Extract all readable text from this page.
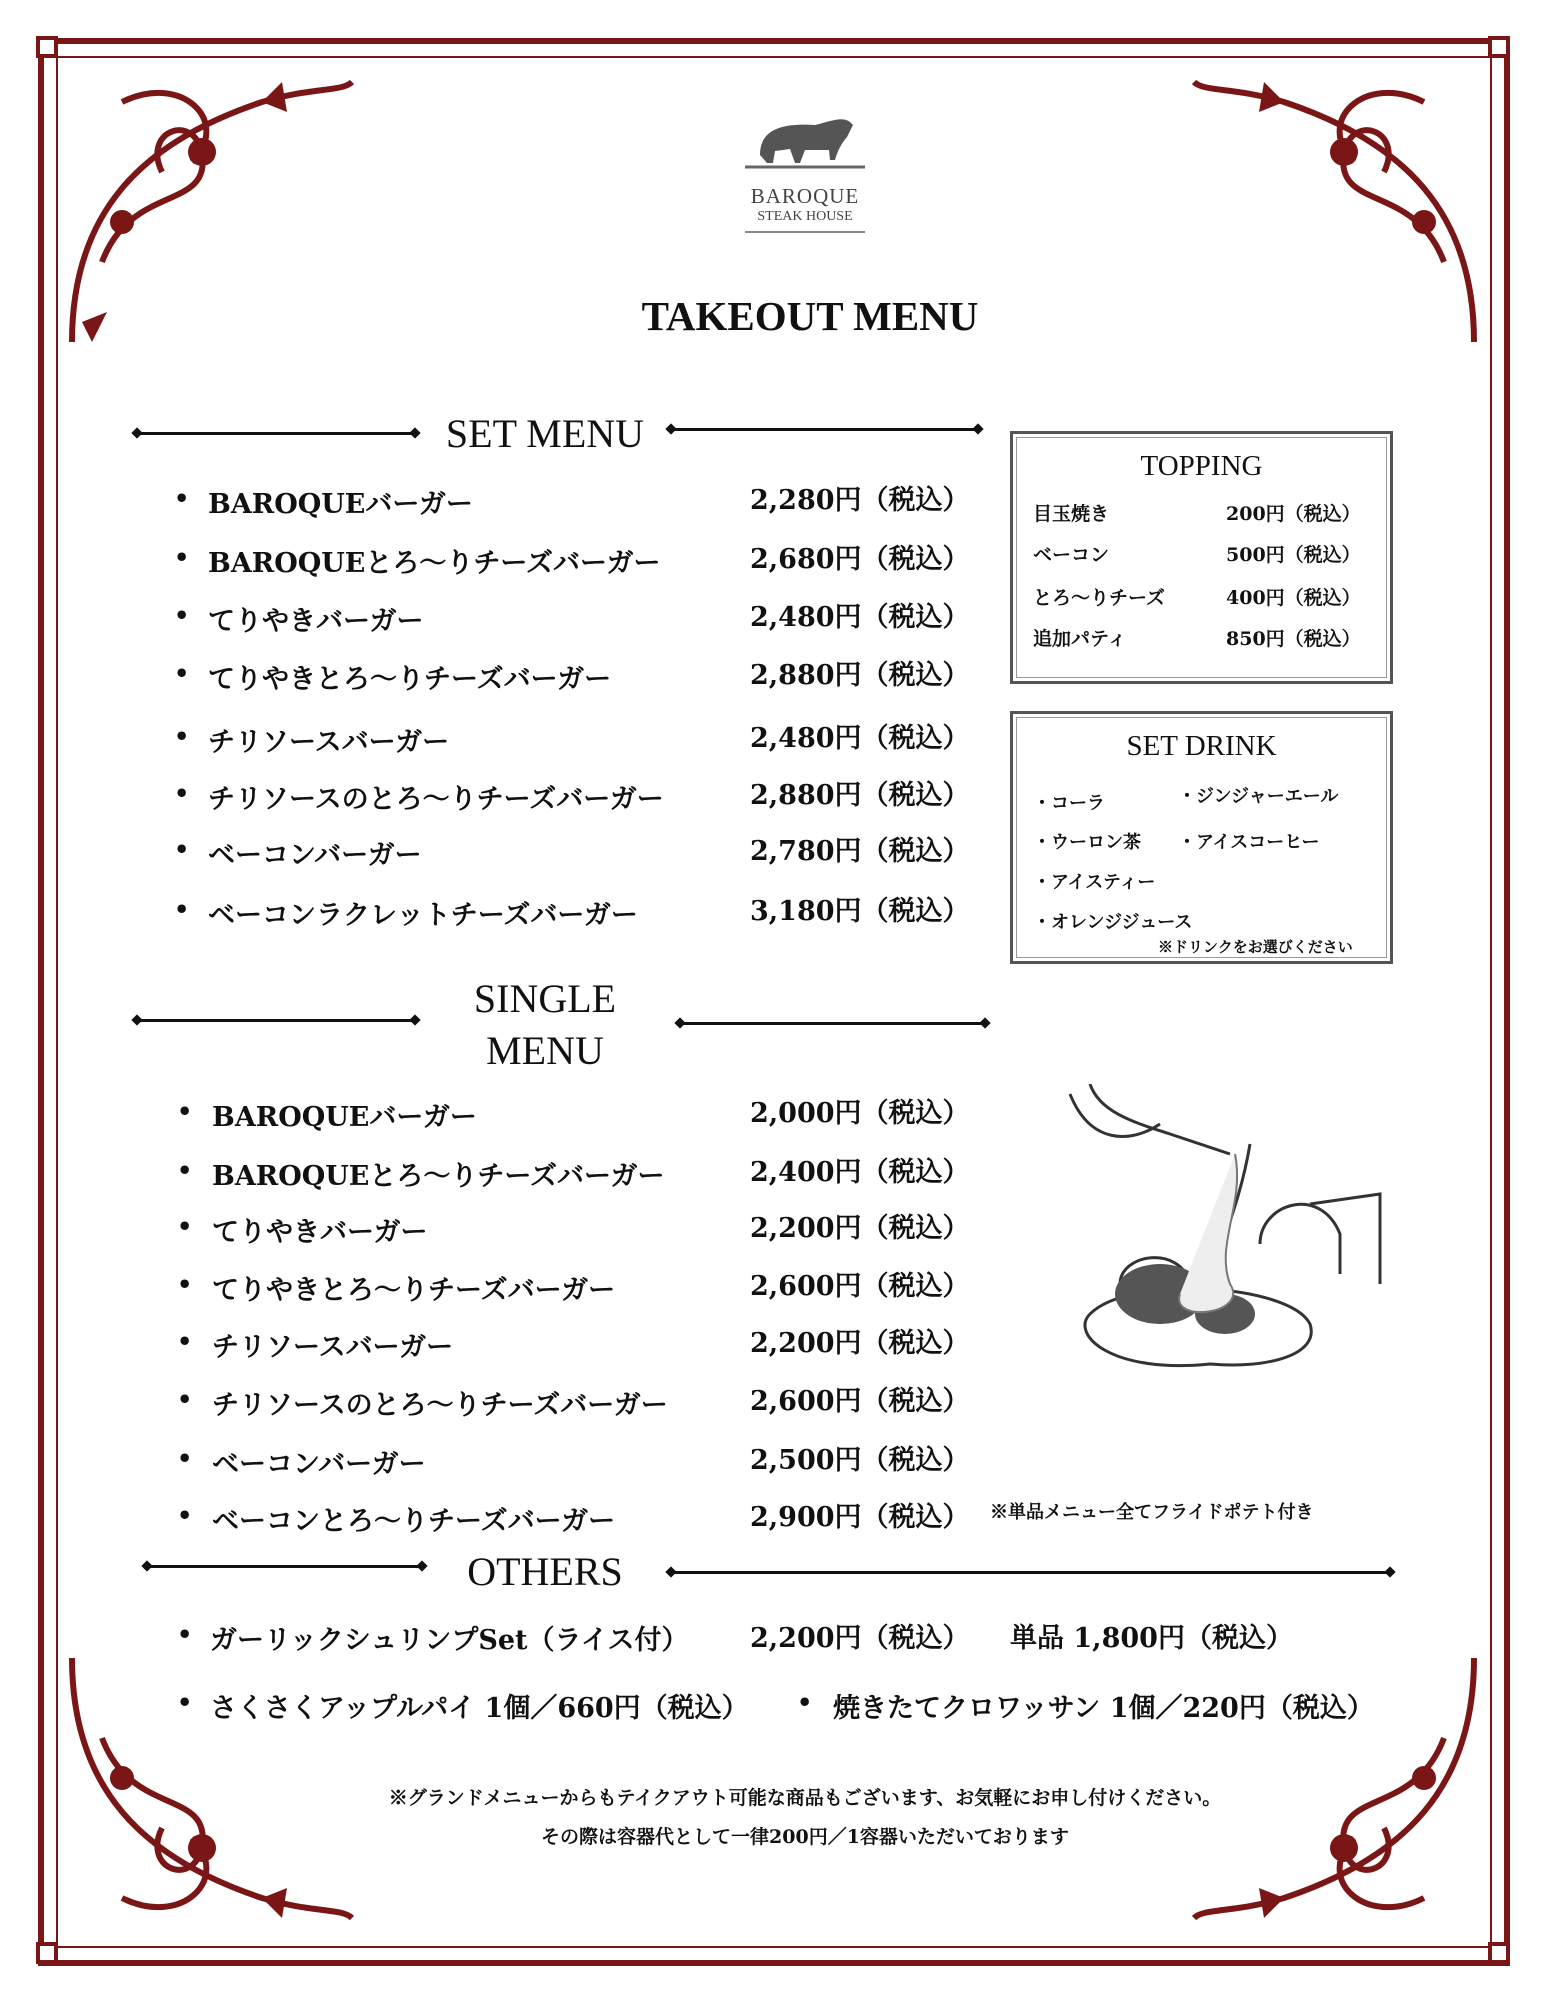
BAROQUE
STEAK HOUSE
TAKEOUT MENU
SET MENU
• BAROQUEバーガー	2,280円（税込）
• BAROQUEとろ～りチーズバーガー	2,680円（税込）
• てりやきバーガー	2,480円（税込）
• てりやきとろ～りチーズバーガー	2,880円（税込）
• チリソースバーガー	2,480円（税込）
• チリソースのとろ～りチーズバーガー	2,880円（税込）
• ベーコンバーガー	2,780円（税込）
• ベーコンラクレットチーズバーガー	3,180円（税込）
SINGLE
MENU
• BAROQUEバーガー	2,000円（税込）
• BAROQUEとろ～りチーズバーガー	2,400円（税込）
• てりやきバーガー	2,200円（税込）
• てりやきとろ～りチーズバーガー	2,600円（税込）
• チリソースバーガー	2,200円（税込）
• チリソースのとろ～りチーズバーガー	2,600円（税込）
• ベーコンバーガー	2,500円（税込）
• ベーコンとろ～りチーズバーガー	2,900円（税込） ※単品メニュー全てフライドポテト付き
TOPPING
目玉焼き	200円（税込）
ベーコン	500円（税込）
とろ～りチーズ	400円（税込）
追加パティ	850円（税込）
SET DRINK
・コーラ	・ジンジャーエール
・ウーロン茶 ・アイスコーヒー
・アイスティー
・オレンジジュース
※ドリンクをお選びください
OTHERS
• ガーリックシュリンプSet（ライス付） 2,200円（税込） 単品 1,800円（税込）
• さくさくアップルパイ 1個／660円（税込） • 焼きたてクロワッサン 1個／220円（税込）
※グランドメニューからもテイクアウト可能な商品もございます、お気軽にお申し付けください。
その際は容器代として一律200円／1容器いただいております
